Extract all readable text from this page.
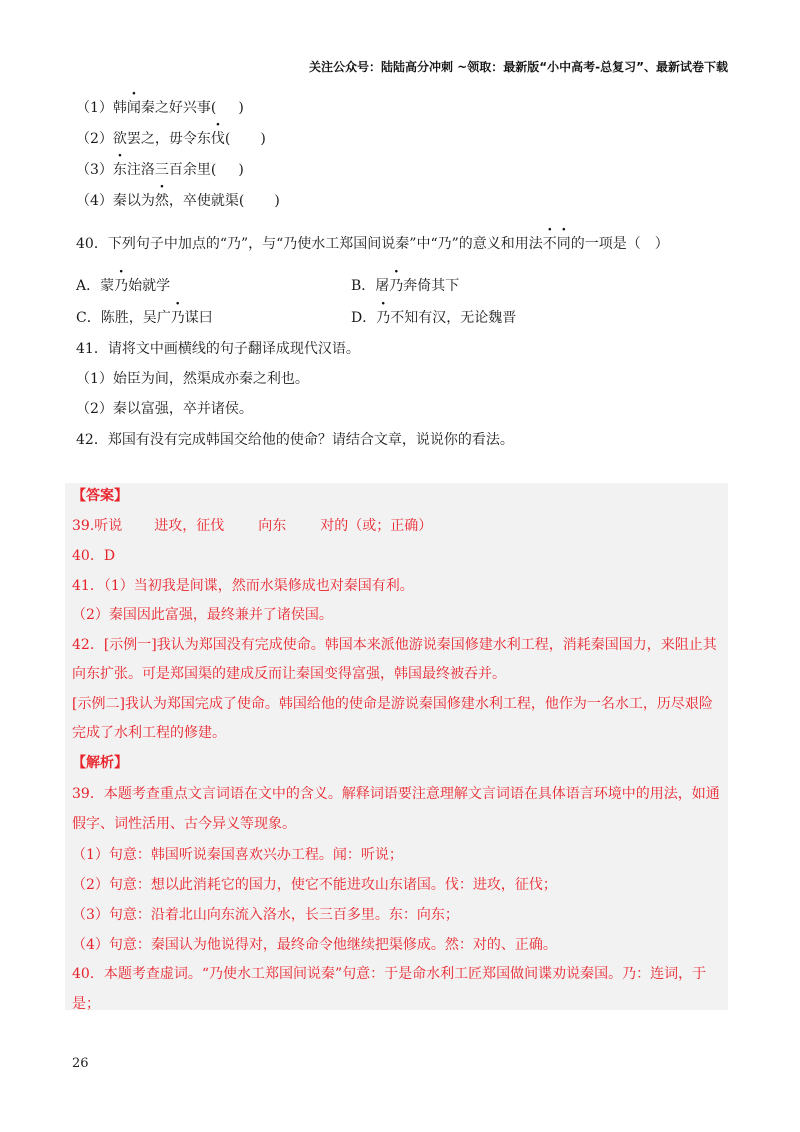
关注公众号：陆陆高分冲刺 ~领取：最新版“小中高考-总复习”、最新试卷下载
（1）韩闻秦之好兴事( )
（2）欲罢之，毋令东伐( )
（3）东注洛三百余里( )
（4）秦以为然，卒使就渠( )
40．下列句子中加点的“乃”，与“乃使水工郑国间说秦”中“乃”的意义和用法不同的一项是（　）
A．蒙乃始就学	B．屠乃奔倚其下
C．陈胜，吴广乃谋曰	D．乃不知有汉，无论魏晋
41．请将文中画横线的句子翻译成现代汉语。
（1）始臣为间，然渠成亦秦之利也。
（2）秦以富强，卒并诸侯。
42．郑国有没有完成韩国交给他的使命？请结合文章，说说你的看法。
【答案】
39.听说 进攻，征伐 向东 对的（或；正确）
40．D
41．（1）当初我是间谍，然而水渠修成也对秦国有利。
（2）秦国因此富强，最终兼并了诸侯国。
42．[示例一]我认为郑国没有完成使命。韩国本来派他游说秦国修建水利工程，消耗秦国国力，来阻止其
向东扩张。可是郑国渠的建成反而让秦国变得富强，韩国最终被吞并。
[示例二]我认为郑国完成了使命。韩国给他的使命是游说秦国修建水利工程，他作为一名水工，历尽艰险
完成了水利工程的修建。
【解析】
39．本题考查重点文言词语在文中的含义。解释词语要注意理解文言词语在具体语言环境中的用法，如通
假字、词性活用、古今异义等现象。
（1）句意：韩国听说秦国喜欢兴办工程。闻：听说；
（2）句意：想以此消耗它的国力，使它不能进攻山东诸国。伐：进攻，征伐；
（3）句意：沿着北山向东流入洛水，长三百多里。东：向东；
（4）句意：秦国认为他说得对，最终命令他继续把渠修成。然：对的、正确。
40．本题考查虚词。“乃使水工郑国间说秦”句意：于是命水利工匠郑国做间谍劝说秦国。乃：连词，于
是；
26
